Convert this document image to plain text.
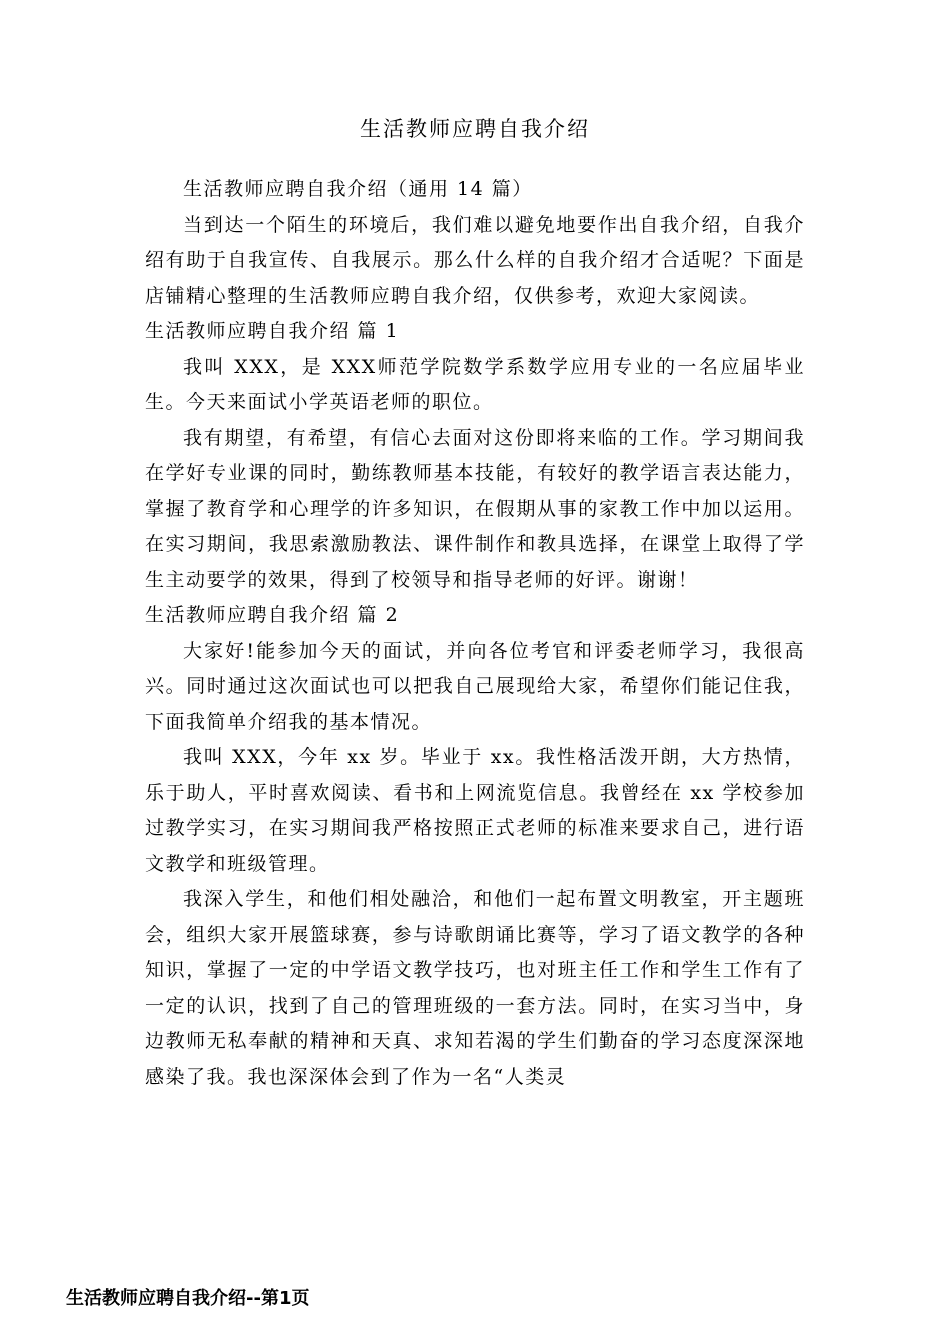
生活教师应聘自我介绍

生活教师应聘自我介绍（通用 14 篇）

当到达一个陌生的环境后，我们难以避免地要作出自我介绍，自我介绍有助于自我宣传、自我展示。那么什么样的自我介绍才合适呢？下面是店铺精心整理的生活教师应聘自我介绍，仅供参考，欢迎大家阅读。

生活教师应聘自我介绍 篇 1

我叫 XXX，是 XXX师范学院数学系数学应用专业的一名应届毕业生。今天来面试小学英语老师的职位。

我有期望，有希望，有信心去面对这份即将来临的工作。学习期间我在学好专业课的同时，勤练教师基本技能，有较好的教学语言表达能力，掌握了教育学和心理学的许多知识，在假期从事的家教工作中加以运用。在实习期间，我思索激励教法、课件制作和教具选择，在课堂上取得了学生主动要学的效果，得到了校领导和指导老师的好评。谢谢！

生活教师应聘自我介绍 篇 2

大家好!能参加今天的面试，并向各位考官和评委老师学习，我很高兴。同时通过这次面试也可以把我自己展现给大家，希望你们能记住我，下面我简单介绍我的基本情况。

我叫 XXX，今年 xx 岁。毕业于 xx。我性格活泼开朗，大方热情，乐于助人，平时喜欢阅读、看书和上网流览信息。我曾经在 xx 学校参加过教学实习，在实习期间我严格按照正式老师的标准来要求自己，进行语文教学和班级管理。

我深入学生，和他们相处融洽，和他们一起布置文明教室，开主题班会，组织大家开展篮球赛，参与诗歌朗诵比赛等，学习了语文教学的各种知识，掌握了一定的中学语文教学技巧，也对班主任工作和学生工作有了一定的认识，找到了自己的管理班级的一套方法。同时，在实习当中，身边教师无私奉献的精神和天真、求知若渴的学生们勤奋的学习态度深深地感染了我。我也深深体会到了作为一名“人类灵

生活教师应聘自我介绍--第1页
